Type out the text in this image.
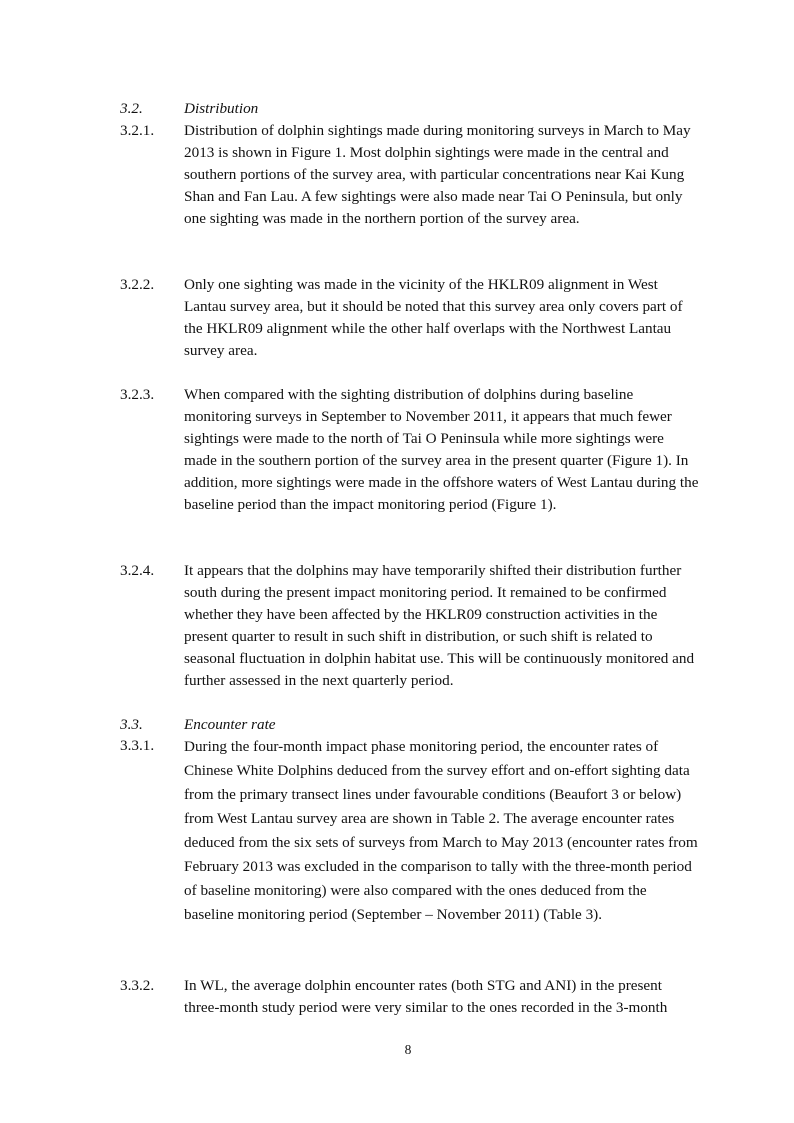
3.2.	Distribution
3.2.1.	Distribution of dolphin sightings made during monitoring surveys in March to May 2013 is shown in Figure 1. Most dolphin sightings were made in the central and southern portions of the survey area, with particular concentrations near Kai Kung Shan and Fan Lau. A few sightings were also made near Tai O Peninsula, but only one sighting was made in the northern portion of the survey area.
3.2.2.	Only one sighting was made in the vicinity of the HKLR09 alignment in West Lantau survey area, but it should be noted that this survey area only covers part of the HKLR09 alignment while the other half overlaps with the Northwest Lantau survey area.
3.2.3.	When compared with the sighting distribution of dolphins during baseline monitoring surveys in September to November 2011, it appears that much fewer sightings were made to the north of Tai O Peninsula while more sightings were made in the southern portion of the survey area in the present quarter (Figure 1). In addition, more sightings were made in the offshore waters of West Lantau during the baseline period than the impact monitoring period (Figure 1).
3.2.4.	It appears that the dolphins may have temporarily shifted their distribution further south during the present impact monitoring period. It remained to be confirmed whether they have been affected by the HKLR09 construction activities in the present quarter to result in such shift in distribution, or such shift is related to seasonal fluctuation in dolphin habitat use. This will be continuously monitored and further assessed in the next quarterly period.
3.3.	Encounter rate
3.3.1.	During the four-month impact phase monitoring period, the encounter rates of Chinese White Dolphins deduced from the survey effort and on-effort sighting data from the primary transect lines under favourable conditions (Beaufort 3 or below) from West Lantau survey area are shown in Table 2. The average encounter rates deduced from the six sets of surveys from March to May 2013 (encounter rates from February 2013 was excluded in the comparison to tally with the three-month period of baseline monitoring) were also compared with the ones deduced from the baseline monitoring period (September – November 2011) (Table 3).
3.3.2.	In WL, the average dolphin encounter rates (both STG and ANI) in the present three-month study period were very similar to the ones recorded in the 3-month
8
